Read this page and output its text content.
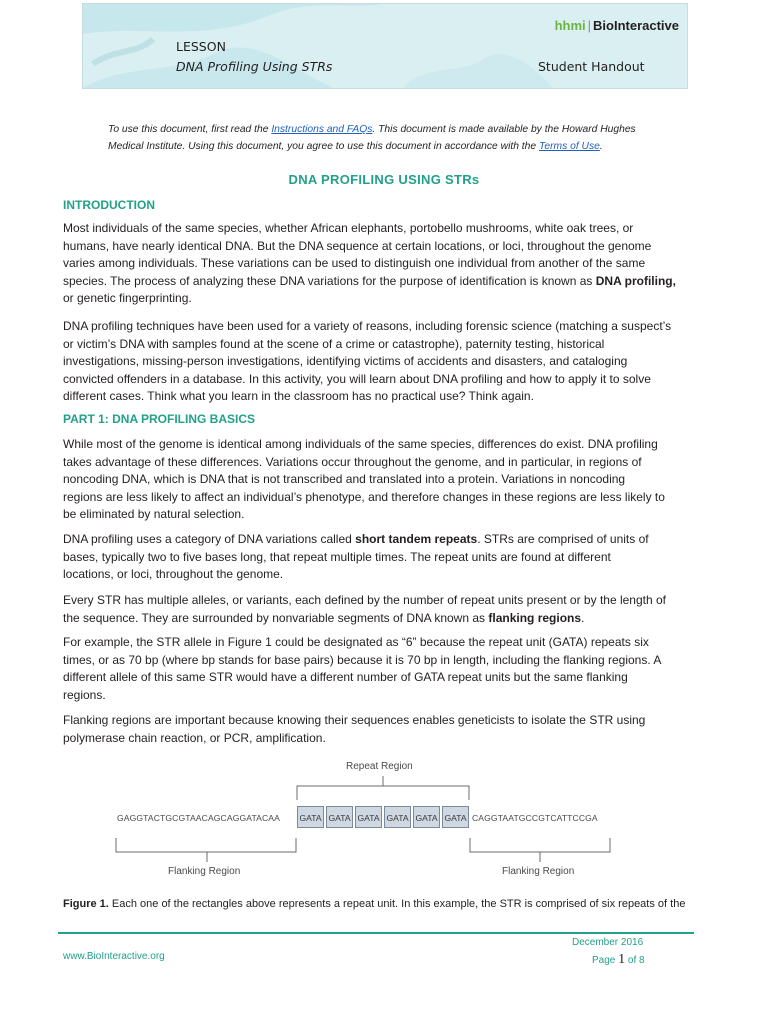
hhmi | BioInteractive
LESSON
DNA Profiling Using STRs	Student Handout
To use this document, first read the Instructions and FAQs. This document is made available by the Howard Hughes
Medical Institute. Using this document, you agree to use this document in accordance with the Terms of Use.
DNA PROFILING USING STRs
INTRODUCTION
Most individuals of the same species, whether African elephants, portobello mushrooms, white oak trees, or
humans, have nearly identical DNA. But the DNA sequence at certain locations, or loci, throughout the genome
varies among individuals. These variations can be used to distinguish one individual from another of the same
species. The process of analyzing these DNA variations for the purpose of identification is known as DNA profiling,
or genetic fingerprinting.
DNA profiling techniques have been used for a variety of reasons, including forensic science (matching a suspect’s
or victim’s DNA with samples found at the scene of a crime or catastrophe), paternity testing, historical
investigations, missing-person investigations, identifying victims of accidents and disasters, and cataloging
convicted offenders in a database. In this activity, you will learn about DNA profiling and how to apply it to solve
different cases. Think what you learn in the classroom has no practical use? Think again.
PART 1: DNA PROFILING BASICS
While most of the genome is identical among individuals of the same species, differences do exist. DNA profiling
takes advantage of these differences. Variations occur throughout the genome, and in particular, in regions of
noncoding DNA, which is DNA that is not transcribed and translated into a protein. Variations in noncoding
regions are less likely to affect an individual’s phenotype, and therefore changes in these regions are less likely to
be eliminated by natural selection.
DNA profiling uses a category of DNA variations called short tandem repeats. STRs are comprised of units of
bases, typically two to five bases long, that repeat multiple times. The repeat units are found at different
locations, or loci, throughout the genome.
Every STR has multiple alleles, or variants, each defined by the number of repeat units present or by the length of
the sequence. They are surrounded by nonvariable segments of DNA known as flanking regions.
For example, the STR allele in Figure 1 could be designated as “6” because the repeat unit (GATA) repeats six
times, or as 70 bp (where bp stands for base pairs) because it is 70 bp in length, including the flanking regions. A
different allele of this same STR would have a different number of GATA repeat units but the same flanking
regions.
Flanking regions are important because knowing their sequences enables geneticists to isolate the STR using
polymerase chain reaction, or PCR, amplification.
Repeat Region
GAGGTACTGCGTAACAGCAGGATACAA GATA GATA GATA GATA GATA GATA CAGGTAATGCCGTCATTCCGA
Flanking Region	Flanking Region
Figure 1. Each one of the rectangles above represents a repeat unit. In this example, the STR is comprised of six repeats of the
December 2016
www.BioInteractive.org	Page 1 of 8
